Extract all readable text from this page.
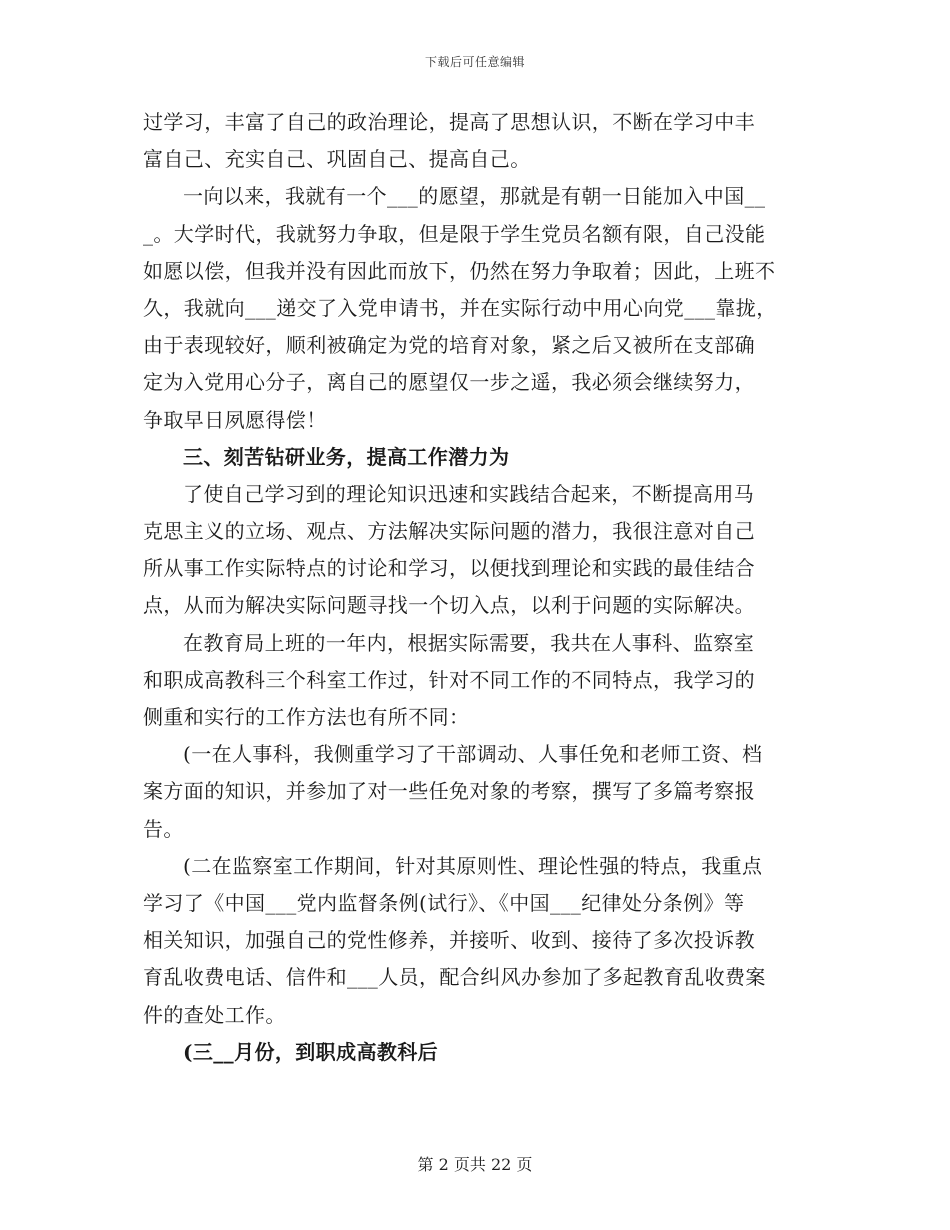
下载后可任意编辑
过学习，丰富了自己的政治理论，提高了思想认识，不断在学习中丰
富自己、充实自己、巩固自己、提高自己。
一向以来，我就有一个___的愿望，那就是有朝一日能加入中国__
_。大学时代，我就努力争取，但是限于学生党员名额有限，自己没能
如愿以偿，但我并没有因此而放下，仍然在努力争取着；因此，上班不
久，我就向___递交了入党申请书，并在实际行动中用心向党___靠拢，
由于表现较好，顺利被确定为党的培育对象，紧之后又被所在支部确
定为入党用心分子，离自己的愿望仅一步之遥，我必须会继续努力，
争取早日夙愿得偿！
三、刻苦钻研业务，提高工作潜力为
了使自己学习到的理论知识迅速和实践结合起来，不断提高用马
克思主义的立场、观点、方法解决实际问题的潜力，我很注意对自己
所从事工作实际特点的讨论和学习，以便找到理论和实践的最佳结合
点，从而为解决实际问题寻找一个切入点，以利于问题的实际解决。
在教育局上班的一年内，根据实际需要，我共在人事科、监察室
和职成高教科三个科室工作过，针对不同工作的不同特点，我学习的
侧重和实行的工作方法也有所不同：
(一在人事科，我侧重学习了干部调动、人事任免和老师工资、档
案方面的知识，并参加了对一些任免对象的考察，撰写了多篇考察报
告。
(二在监察室工作期间，针对其原则性、理论性强的特点，我重点
学习了《中国___党内监督条例(试行》、《中国___纪律处分条例》等
相关知识，加强自己的党性修养，并接听、收到、接待了多次投诉教
育乱收费电话、信件和___人员，配合纠风办参加了多起教育乱收费案
件的查处工作。
(三__月份，到职成高教科后
第 2 页共 22 页
